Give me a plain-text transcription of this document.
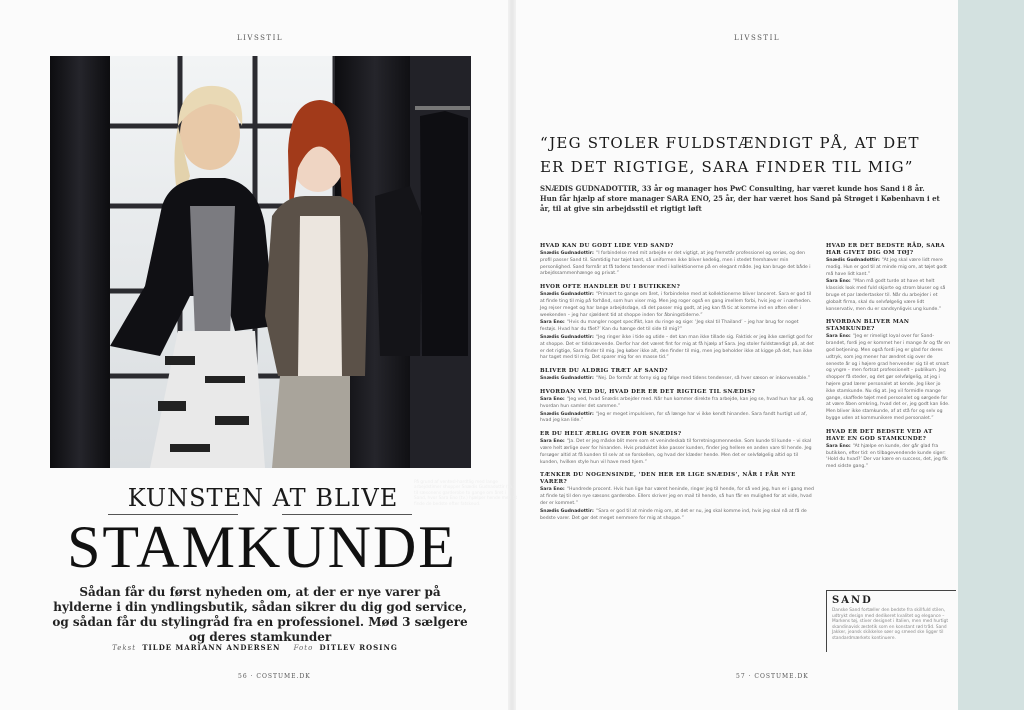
LIVSSTIL	LIVSSTIL
På grund af ventesl-hardtlig med lange arbejdstimer shopper Snædis Gudnadottir (th.) til sæsonens garderobe to gange om året i Sand, hvor Sara Eno (tv.) hjælper hende med at finde de bedste efter fatskeud.
KUNSTEN AT BLIVE
STAMKUNDE
Sådan får du først nyheden om, at der er nye varer på hylderne i din yndlingsbutik, sådan sikrer du dig god service, og sådan får du stylingråd fra en professionel. Mød 3 sælgere og deres stamkunder
Tekst TILDE MARIANN ANDERSEN Foto DITLEV ROSING
“JEG STOLER FULDSTÆNDIGT PÅ, AT DET ER DET RIGTIGE, SARA FINDER TIL MIG”
SNÆDIS GUDNADOTTIR, 33 år og manager hos PwC Consulting, har været kunde hos Sand i 8 år. Hun får hjælp af store manager SARA ENO, 25 år, der har været hos Sand på Strøget i København i et år, til at give sin arbejdsstil et rigtigt løft
HVAD KAN DU GODT LIDE VED SAND?
Snædis Gudnadottir: “I forbindelse med mit arbejde er det vigtigt, at jeg fremstår professionel og seriøs, og den profil passer Sand til. Samtidig har tøjet kant, så uniformen ikke bliver kedelig, men i stedet fremhæver min personlighed. Sand formår at få todens tendenser med i kollektionerne på en elegant måde. Jeg kan bruge det både i arbejdssammenhænge og privat.”
HVOR OFTE HANDLER DU I BUTIKKEN?
Snædis Gudnadottir: “Primært to gange om året, i forbindelse med at kollektionerne bliver lanceret. Sara er god til at finde ting til mig på forhånd, som hun viser mig. Men jeg roger også en gang imellem forbi, hvis jeg er i nærheden. Jeg rejser meget og har lange arbejdsdage, så det passer mig godt, at jeg kan få tic at komme ind en aften eller i weekenden – jeg har sjældent tid at shoppe inden for åbningstiderne.”
Sara Eno: “Hvis du mangler noget specifikt, kan du ringe og sige: ‘Jeg skal til Thailand’ – jeg har brug for noget festøjs. Hvad har du fået?’ Kan du hænge det til side til mig?”
Snædis Gudnadottir: “Jeg ringer ikke i tide og utide – det kan man ikke tillade sig. Faktisk er jeg ikke særligt god for at shoppe. Det er tidskrævende. Derfor har det været fint for mig at få hjælp af Sara. Jeg stoler fuldstændigt på, at det er det rigtige, Sara finder til mig. Jeg køber ikke alt, den finder til mig, men jeg beholder ikke at kigge på det, hun ikke har taget med til mig. Det sparer mig for en masse tid.”
BLIVER DU ALDRIG TRÆT AF SAND?
Snædis Gudnadottir: “Nej. De formår at forny sig og følge med tidens tendenser, så hver sæson er inkonvenable.”
HVORDAN VED DU, HVAD DER ER DET RIGTIGE TIL SNÆDIS?
Sara Eno: “Jeg ved, hvad Snædis arbejder med. Når hun kommer direkte fra arbejde, kan jeg se, hvad hun har på, og hvordan hun samler det sammen.”
Snædis Gudnadottir: “Jeg er meget impulsiven, for så længe har vi ikke kendt hinanden. Sara fandt hurtigt ud af, hvad jeg kan lide.”
ER DU HELT ÆRLIG OVER FOR SNÆDIS?
Sara Eno: “Ja. Det er jeg måske blit mere som et venindeskab til forretningsmenneske. Som kunde til kunde – vi skal være helt ærlige over for hinanden. Hvis produktet ikke passer kunden, finder jeg hellere en anden vare til hende. Jeg forsøger altid at få kunden til selv at se forskellen, og hvad der klæder hende. Men det er selvfølgelig altid op til kunden, hvilken style hun vil have med hjem.”
TÆNKER DU NOGENSINDE, ‘DEN HER ER LIGE SNÆDIS’, NÅR I FÅR NYE VARER?
Sara Eno: “Hundrede procent. Hvis hun lige har været heninde, ringer jeg til hende, for så ved jeg, hun er i gang med at finde tøj til den nye sæsons garderobe. Ellers skriver jeg en mail til hende, så hun får en mulighed for at vide, hvad der er kommet.”
Snædis Gudnadottir: “Sara er god til at minde mig om, at det er nu, jeg skal komme ind, hvis jeg skal nå at få de bedste varer. Det gør det meget nemmere for mig at shoppe.”
HVAD ER DET BEDSTE RÅD, SARA HAR GIVET DIG OM TØJ?
Snædis Gudnadottir: “At jeg skal være lidt mere modig. Hun er god til at minde mig om, at tøjet godt må have lidt kant.”
Sara Eno: “Man må godt turde at have et helt klassisk look med fuld skjorte og strom bluser og så bruge et par lædertasker til. Når du arbejder i et globalt firma, skal du selvfølgelig være lidt konservativ, men du er sandsynligvis ung kunde.”
HVORDAN BLIVER MAN STAMKUNDE?
Sara Eno: “Jeg er rimeligt loyal over for Sand-brandet, fordi jeg er kommet her i mange år og får en god betjening. Men også fordi jeg er glad for deres udtryk, som jeg mener har ændret sig over de seneste år og i højere grad henvender sig til et smart og yngre – men fortsat professionelt – publikum. Jeg shopper få steder, og det gør selvfølgelig, at jeg i højere grad lærer personalet at kende. Jeg liker jo ikke stamkunde. Nu dig at. Jeg vil formidle mange gange, skaffede tøjet med personalet og sørgede for at være åben omkring, hvad det er, jeg godt kan lide. Men bliver ikke stamkunde, af at stå for og selv og bygge uden at kommunikere med personalet.”
HVAD ER DET BEDSTE VED AT HAVE EN GOD STAMKUNDE?
Sara Eno: “At hjælpe en kunde, der går glad fra butikken, efter tid: en tilbagevendende kunde siger: ‘Hold du hvad?’ Der var kære en success, det, jeg fik med sidste gang.”
SAND
Danske Sand fortæller den bedste fra skillfuld stilen, udtrykt design med dedikeret kvalitet og elegance – Markens tøj, stiver designet i Italien, men med hurtigt skandinavisk æstetik som en konstant rød tråd. Sand Jakker, jeansk skikkelse søer og smeed ske ligger til standardmærkets kontinuere.
56 · COSTUME.DK	57 · COSTUME.DK
